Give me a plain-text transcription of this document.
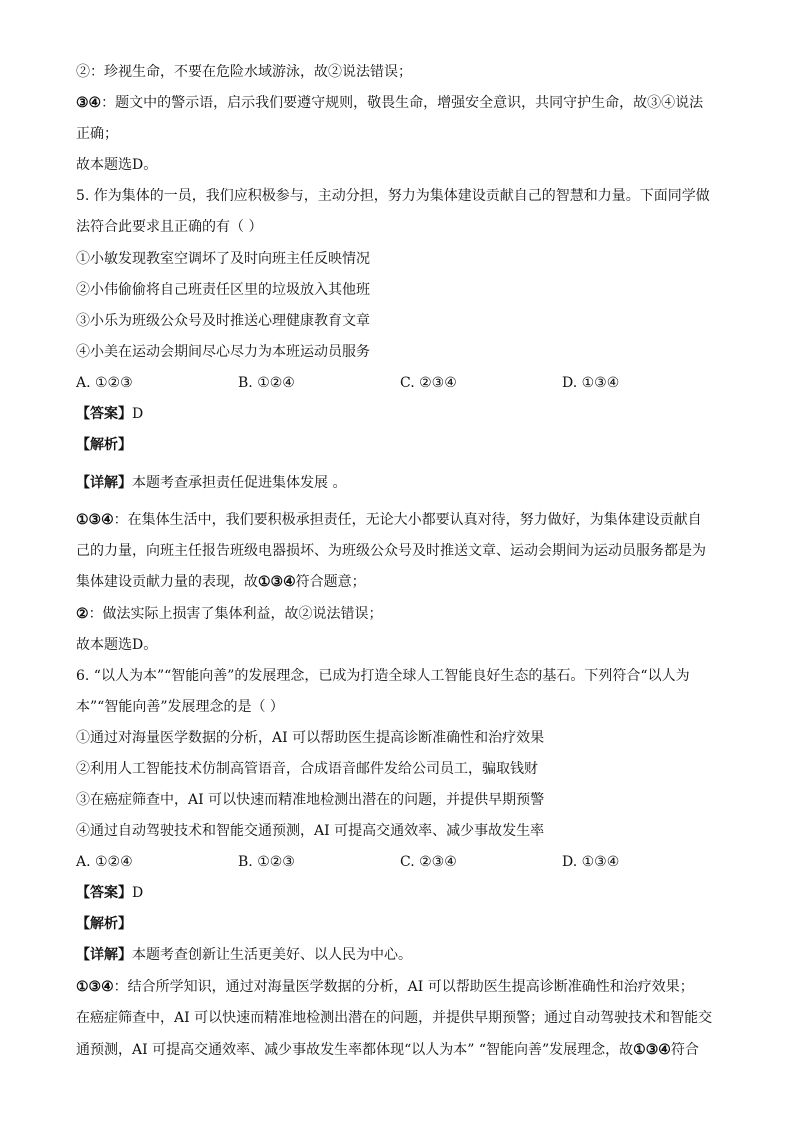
②：珍视生命，不要在危险水域游泳，故②说法错误；
③④：题文中的警示语，启示我们要遵守规则，敬畏生命，增强安全意识，共同守护生命，故③④说法
正确；
故本题选D。
5. 作为集体的一员，我们应积极参与，主动分担，努力为集体建设贡献自己的智慧和力量。下面同学做
法符合此要求且正确的有（ ）
①小敏发现教室空调坏了及时向班主任反映情况
②小伟偷偷将自己班责任区里的垃圾放入其他班
③小乐为班级公众号及时推送心理健康教育文章
④小美在运动会期间尽心尽力为本班运动员服务
A. ①②③	B. ①②④	C. ②③④	D. ①③④
【答案】D
【解析】
【详解】本题考查承担责任促进集体发展 。
①③④：在集体生活中，我们要积极承担责任，无论大小都要认真对待，努力做好，为集体建设贡献自
己的力量，向班主任报告班级电器损坏、为班级公众号及时推送文章、运动会期间为运动员服务都是为
集体建设贡献力量的表现，故①③④符合题意；
②：做法实际上损害了集体利益，故②说法错误；
故本题选D。
6. “以人为本”“智能向善”的发展理念，已成为打造全球人工智能良好生态的基石。下列符合“以人为
本”“智能向善”发展理念的是（ ）
①通过对海量医学数据的分析，AI 可以帮助医生提高诊断准确性和治疗效果
②利用人工智能技术仿制高管语音，合成语音邮件发给公司员工，骗取钱财
③在癌症筛查中，AI 可以快速而精准地检测出潜在的问题，并提供早期预警
④通过自动驾驶技术和智能交通预测，AI 可提高交通效率、减少事故发生率
A. ①②④	B. ①②③	C. ②③④	D. ①③④
【答案】D
【解析】
【详解】本题考查创新让生活更美好、以人民为中心。
①③④：结合所学知识，通过对海量医学数据的分析，AI 可以帮助医生提高诊断准确性和治疗效果；
在癌症筛查中，AI 可以快速而精准地检测出潜在的问题，并提供早期预警；通过自动驾驶技术和智能交
通预测，AI 可提高交通效率、减少事故发生率都体现“以人为本” “智能向善”发展理念，故①③④符合
